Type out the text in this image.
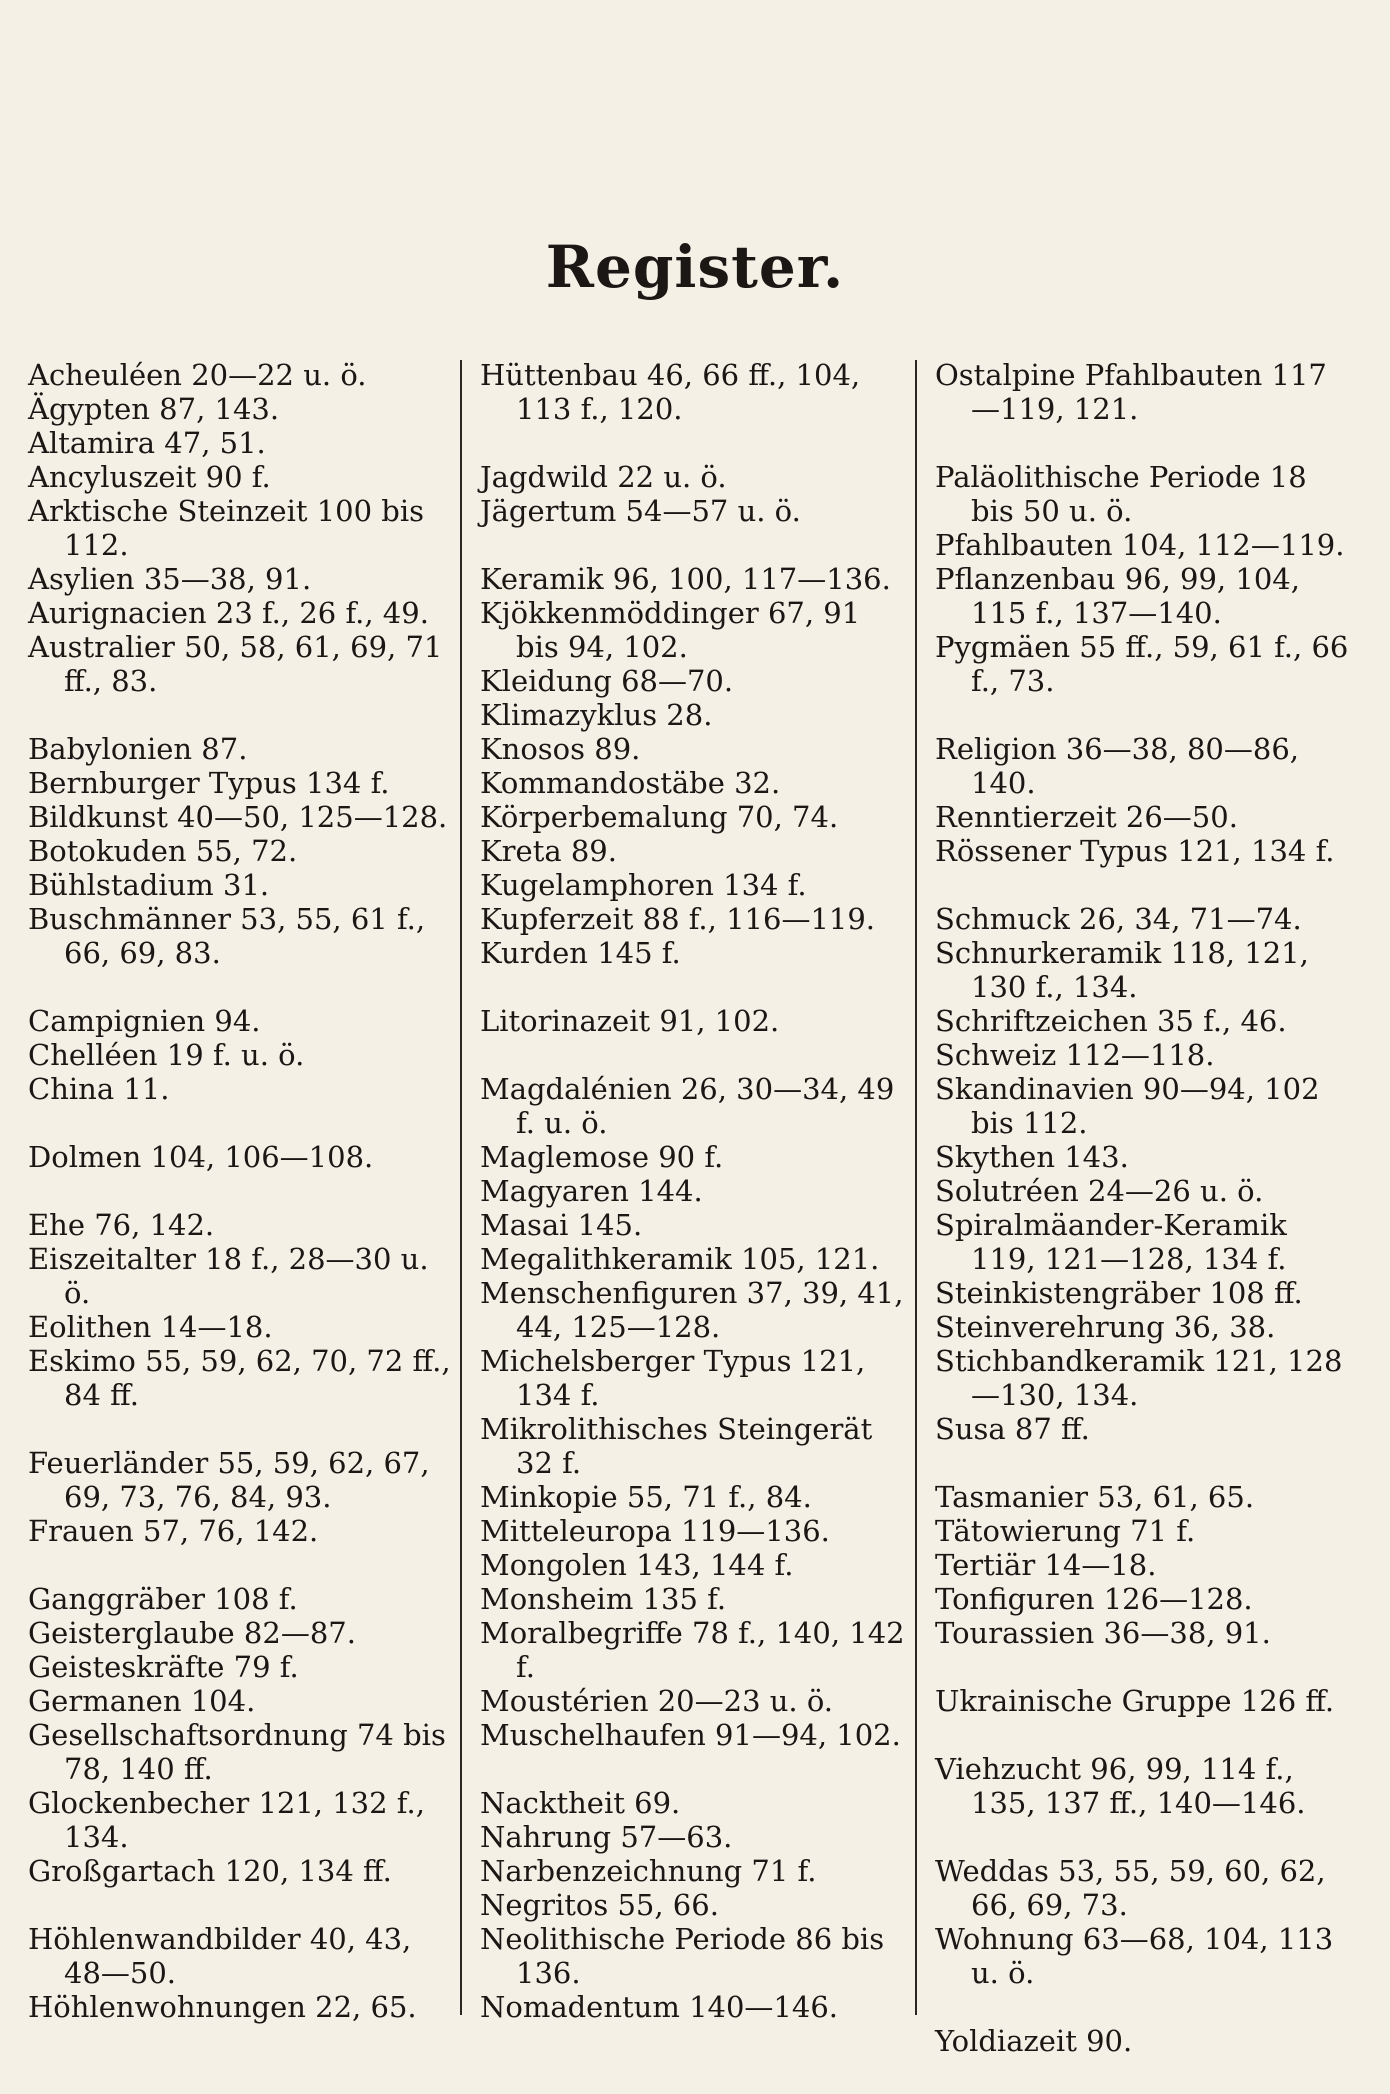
Register.
Acheuléen 20—22 u. ö.
Ägypten 87, 143.
Altamira 47, 51.
Ancyluszeit 90 f.
Arktische Steinzeit 100 bis 112.
Asylien 35—38, 91.
Aurignacien 23 f., 26 f., 49.
Australier 50, 58, 61, 69, 71 ff., 83.
Babylonien 87.
Bernburger Typus 134 f.
Bildkunst 40—50, 125—128.
Botokuden 55, 72.
Bühlstadium 31.
Buschmänner 53, 55, 61 f., 66, 69, 83.
Campignien 94.
Chelléen 19 f. u. ö.
China 11.
Dolmen 104, 106—108.
Ehe 76, 142.
Eiszeitalter 18 f., 28—30 u. ö.
Eolithen 14—18.
Eskimo 55, 59, 62, 70, 72 ff., 84 ff.
Feuerländer 55, 59, 62, 67, 69, 73, 76, 84, 93.
Frauen 57, 76, 142.
Ganggräber 108 f.
Geisterglaube 82—87.
Geisteskräfte 79 f.
Germanen 104.
Gesellschaftsordnung 74 bis 78, 140 ff.
Glockenbecher 121, 132 f., 134.
Großgartach 120, 134 ff.
Höhlenwandbilder 40, 43, 48—50.
Höhlenwohnungen 22, 65.
Hüttenbau 46, 66 ff., 104, 113 f., 120.
Jagdwild 22 u. ö.
Jägertum 54—57 u. ö.
Keramik 96, 100, 117—136.
Kjökkenmöddinger 67, 91 bis 94, 102.
Kleidung 68—70.
Klimazyklus 28.
Knosos 89.
Kommandostäbe 32.
Körperbemalung 70, 74.
Kreta 89.
Kugelamphoren 134 f.
Kupferzeit 88 f., 116—119.
Kurden 145 f.
Litorinazeit 91, 102.
Magdalénien 26, 30—34, 49 f. u. ö.
Maglemose 90 f.
Magyaren 144.
Masai 145.
Megalithkeramik 105, 121.
Menschenfiguren 37, 39, 41, 44, 125—128.
Michelsberger Typus 121, 134 f.
Mikrolithisches Steingerät 32 f.
Minkopie 55, 71 f., 84.
Mitteleuropa 119—136.
Mongolen 143, 144 f.
Monsheim 135 f.
Moralbegriffe 78 f., 140, 142 f.
Moustérien 20—23 u. ö.
Muschelhaufen 91—94, 102.
Nacktheit 69.
Nahrung 57—63.
Narbenzeichnung 71 f.
Negritos 55, 66.
Neolithische Periode 86 bis 136.
Nomadentum 140—146.
Ostalpine Pfahlbauten 117—119, 121.
Paläolithische Periode 18 bis 50 u. ö.
Pfahlbauten 104, 112—119.
Pflanzenbau 96, 99, 104, 115 f., 137—140.
Pygmäen 55 ff., 59, 61 f., 66 f., 73.
Religion 36—38, 80—86, 140.
Renntierzeit 26—50.
Rössener Typus 121, 134 f.
Schmuck 26, 34, 71—74.
Schnurkeramik 118, 121, 130 f., 134.
Schriftzeichen 35 f., 46.
Schweiz 112—118.
Skandinavien 90—94, 102 bis 112.
Skythen 143.
Solutréen 24—26 u. ö.
Spiralmäander-Keramik 119, 121—128, 134 f.
Steinkistengräber 108 ff.
Steinverehrung 36, 38.
Stichbandkeramik 121, 128—130, 134.
Susa 87 ff.
Tasmanier 53, 61, 65.
Tätowierung 71 f.
Tertiär 14—18.
Tonfiguren 126—128.
Tourassien 36—38, 91.
Ukrainische Gruppe 126 ff.
Viehzucht 96, 99, 114 f., 135, 137 ff., 140—146.
Weddas 53, 55, 59, 60, 62, 66, 69, 73.
Wohnung 63—68, 104, 113 u. ö.
Yoldiazeit 90.
